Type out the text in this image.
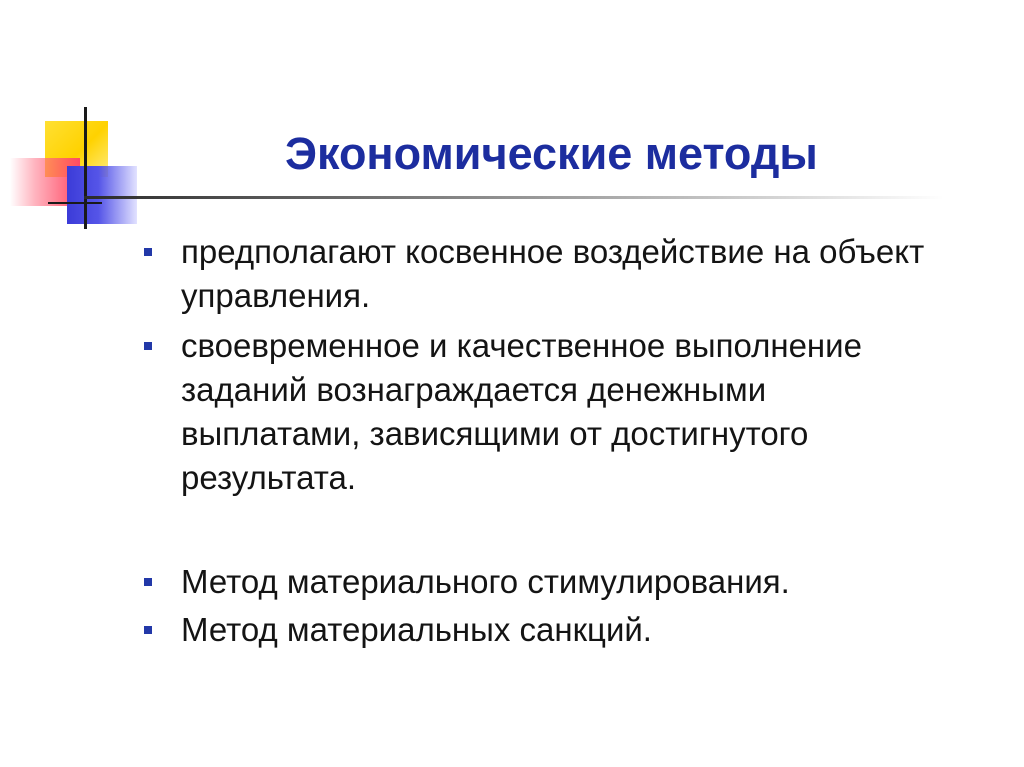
Экономические методы
предполагают косвенное воздействие на объект управления.
своевременное и качественное выполнение заданий вознаграждается денежными выплатами, зависящими от достигнутого результата.
Метод материального стимулирования.
Метод материальных санкций.
